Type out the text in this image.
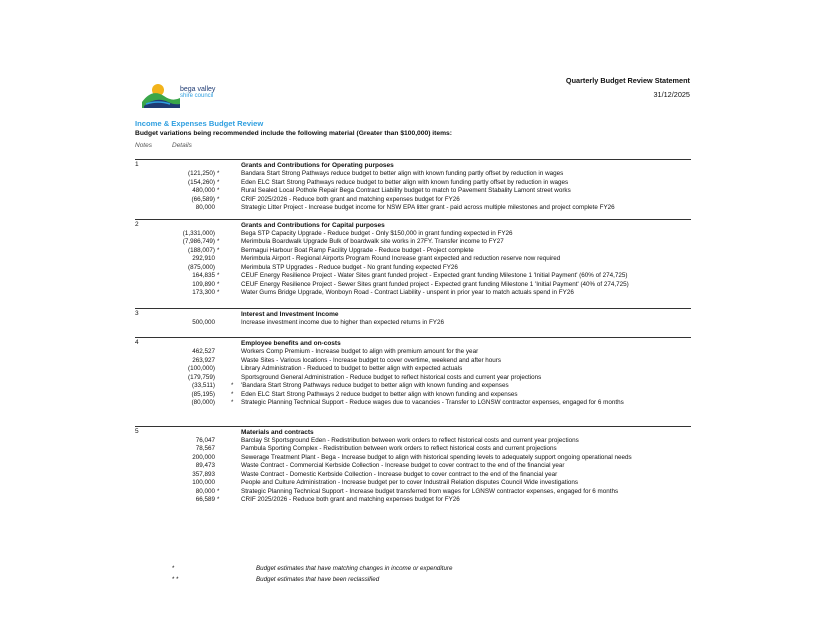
bega valley
shire council
Quarterly Budget Review Statement
31/12/2025
Income & Expenses Budget Review
Budget variations being recommended include the following material (Greater than $100,000) items:
Notes	Details
1	Grants and Contributions for Operating purposes
(121,250) *	Bandara Start Strong Pathways reduce budget to better align with known funding partly offset by reduction in wages
(154,260) *	Eden ELC Start Strong Pathways reduce budget to better align with known funding partly offset by reduction in wages
480,000 *	Rural Sealed Local Pothole Repair Bega Contract Liability budget to match to Pavement Stabality Lamont street works
(66,589) *	CRIF 2025/2026 - Reduce both grant and matching expenses budget for FY26
80,000	Strategic Litter Project - Increase budget income for NSW EPA litter grant - paid across multiple milestones and project complete FY26
2	Grants and Contributions for Capital purposes
(1,331,000)	Bega STP Capacity Upgrade - Reduce budget - Only $150,000 in grant funding expected in FY26
(7,986,749) *	Merimbula Boardwalk Upgrade Bulk of boardwalk site works in 27FY. Transfer income to FY27
(188,007) *	Bermagui Harbour Boat Ramp Facility Upgrade - Reduce budget - Project complete
292,910	Merimbula Airport - Regional Airports Program Round Increase grant expected and reduction reserve now required
(875,000)	Merimbula STP Upgrades - Reduce budget - No grant funding expected FY26
164,835 *	CEUF Energy Resilience Project - Water Sites grant funded project - Expected grant funding Milestone 1 'Initial Payment' (60% of 274,725)
109,890 *	CEUF Energy Resilience Project - Sewer Sites grant funded project - Expected grant funding Milestone 1 'Initial Payment' (40% of 274,725)
173,300 *	Water Gums Bridge Upgrade, Wonboyn Road - Contract Liability - unspent in prior year to match actuals spend in FY26
3	Interest and Investment Income
500,000	Increase investment income due to higher than expected returns in FY26
4	Employee benefits and on-costs
462,527	Workers Comp Premium - Increase budget to align with premium amount for the year
263,927	Waste Sites - Various locations - Increase budget to cover overtime, weekend and after hours
(100,000)	Library Administration - Reduced to budget to better align with expected actuals
(179,759)	Sportsground General Administration - Reduce budget to reflect historical costs and current year projections
(33,511)	*	'Bandara Start Strong Pathways reduce budget to better align with known funding and expenses
(85,195)	*	Eden ELC Start Strong Pathways 2 reduce budget to better align with known funding and expenses
(80,000)	*	Strategic Planning Technical Support - Reduce wages due to vacancies - Transfer to LGNSW contractor expenses, engaged for 6 months
5	Materials and contracts
76,047	Barclay St Sportsground Eden - Redistribution between work orders to reflect historical costs and current year projections
78,567	Pambula Sporting Complex - Redistribution between work orders to reflect historical costs and current projections
200,000	Sewerage Treatment Plant - Bega - Increase budget to align with historical spending levels to adequately support ongoing operational needs
89,473	Waste Contract - Commercial Kerbside Collection - Increase budget to cover contract to the end of the financial year
357,893	Waste Contract - Domestic Kerbside Collection - Increase budget to cover contract to the end of the financial year
100,000	People and Culture Administration - Increase budget per to cover Industrail Relation disputes Council Wide investigations
80,000 *	Strategic Planning Technical Support - Increase budget transferred from wages for LGNSW contractor expenses, engaged for 6 months
66,589 *	CRIF 2025/2026 - Reduce both grant and matching expenses budget for FY26
*	Budget estimates that have matching changes in income or expenditure
* *	Budget estimates that have been reclassified
